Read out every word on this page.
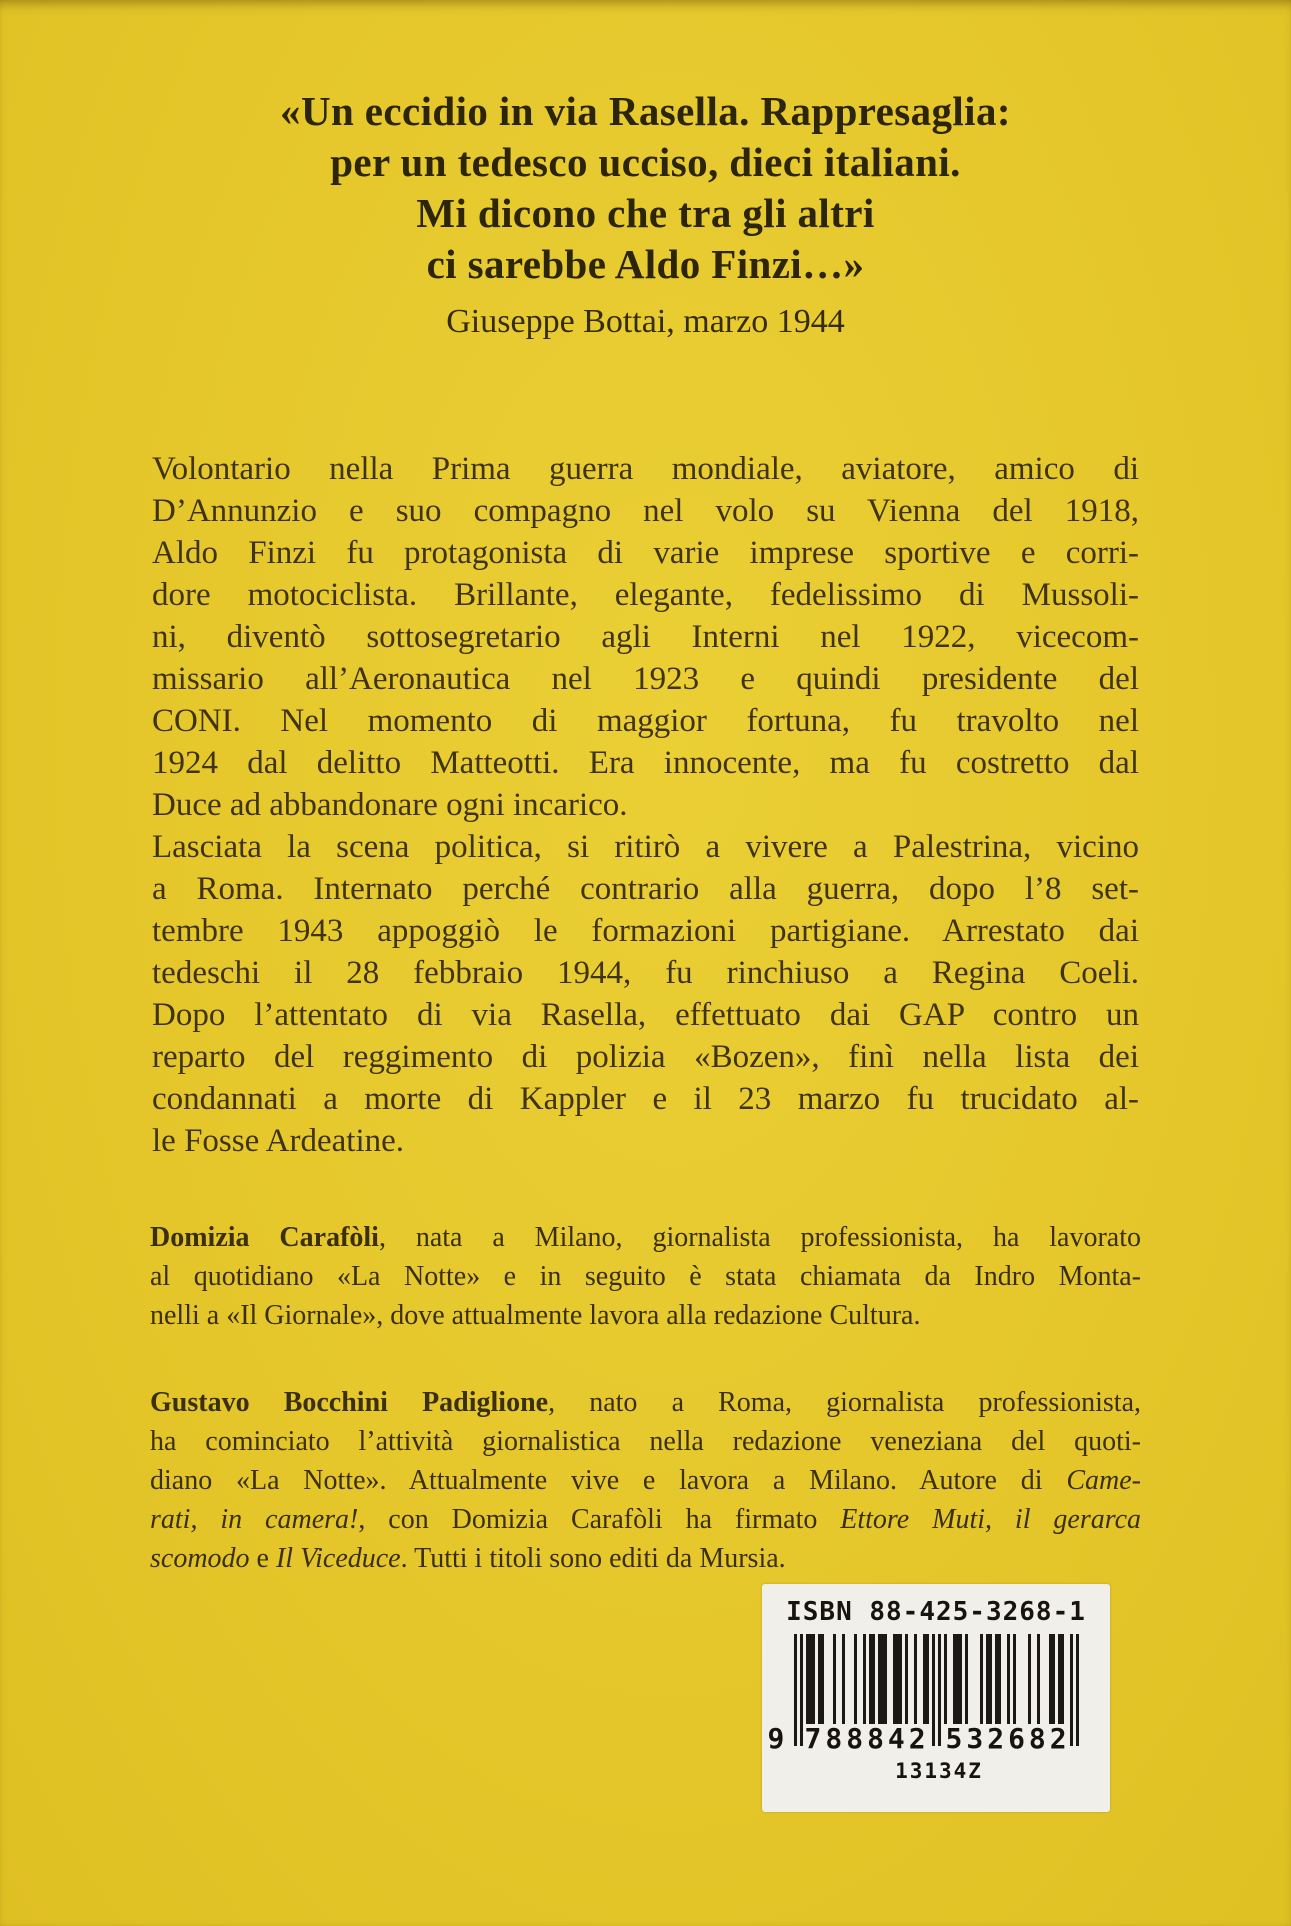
«Un eccidio in via Rasella. Rappresaglia:
per un tedesco ucciso, dieci italiani.
Mi dicono che tra gli altri
ci sarebbe Aldo Finzi…»
Giuseppe Bottai, marzo 1944
Volontario nella Prima guerra mondiale, aviatore, amico di
D’Annunzio e suo compagno nel volo su Vienna del 1918,
Aldo Finzi fu protagonista di varie imprese sportive e corri-
dore motociclista. Brillante, elegante, fedelissimo di Mussoli-
ni, diventò sottosegretario agli Interni nel 1922, vicecom-
missario all’Aeronautica nel 1923 e quindi presidente del
CONI. Nel momento di maggior fortuna, fu travolto nel
1924 dal delitto Matteotti. Era innocente, ma fu costretto dal
Duce ad abbandonare ogni incarico.
Lasciata la scena politica, si ritirò a vivere a Palestrina, vicino
a Roma. Internato perché contrario alla guerra, dopo l’8 set-
tembre 1943 appoggiò le formazioni partigiane. Arrestato dai
tedeschi il 28 febbraio 1944, fu rinchiuso a Regina Coeli.
Dopo l’attentato di via Rasella, effettuato dai GAP contro un
reparto del reggimento di polizia «Bozen», finì nella lista dei
condannati a morte di Kappler e il 23 marzo fu trucidato al-
le Fosse Ardeatine.
Domizia Carafòli, nata a Milano, giornalista professionista, ha lavorato
al quotidiano «La Notte» e in seguito è stata chiamata da Indro Monta-
nelli a «Il Giornale», dove attualmente lavora alla redazione Cultura.
Gustavo Bocchini Padiglione, nato a Roma, giornalista professionista,
ha cominciato l’attività giornalistica nella redazione veneziana del quoti-
diano «La Notte». Attualmente vive e lavora a Milano. Autore di Came-
rati, in camera!, con Domizia Carafòli ha firmato Ettore Muti, il gerarca
scomodo e Il Viceduce. Tutti i titoli sono editi da Mursia.
ISBN 88-425-3268-1
9 788842 532682
13134Z
